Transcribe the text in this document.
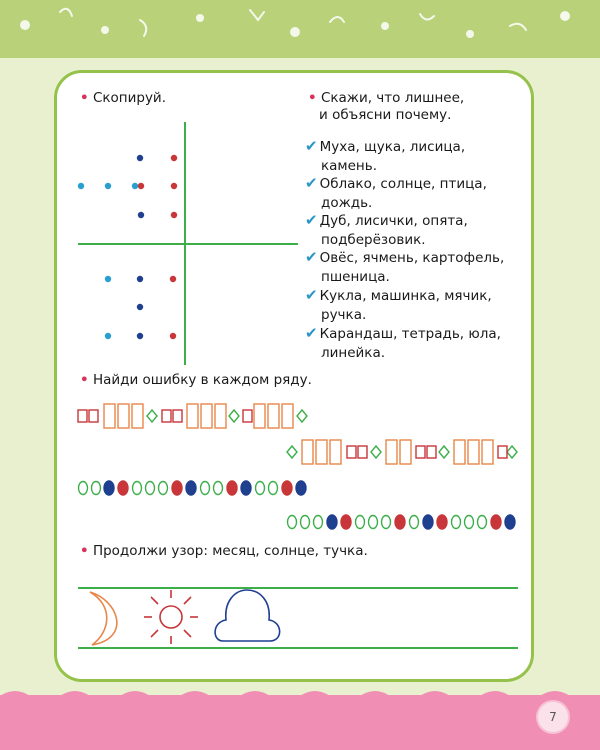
• Скопируй.	• Скажи, что лишнее,
и объясни почему.
✔ Муха, щука, лисица,
камень.
✔ Облако, солнце, птица,
дождь.
✔ Дуб, лисички, опята,
подберёзовик.
✔ Овёс, ячмень, картофель,
пшеница.
✔ Кукла, машинка, мячик,
ручка.
✔ Карандаш, тетрадь, юла,
линейка.
• Найди ошибку в каждом ряду.
• Продолжи узор: месяц, солнце, тучка.
7
